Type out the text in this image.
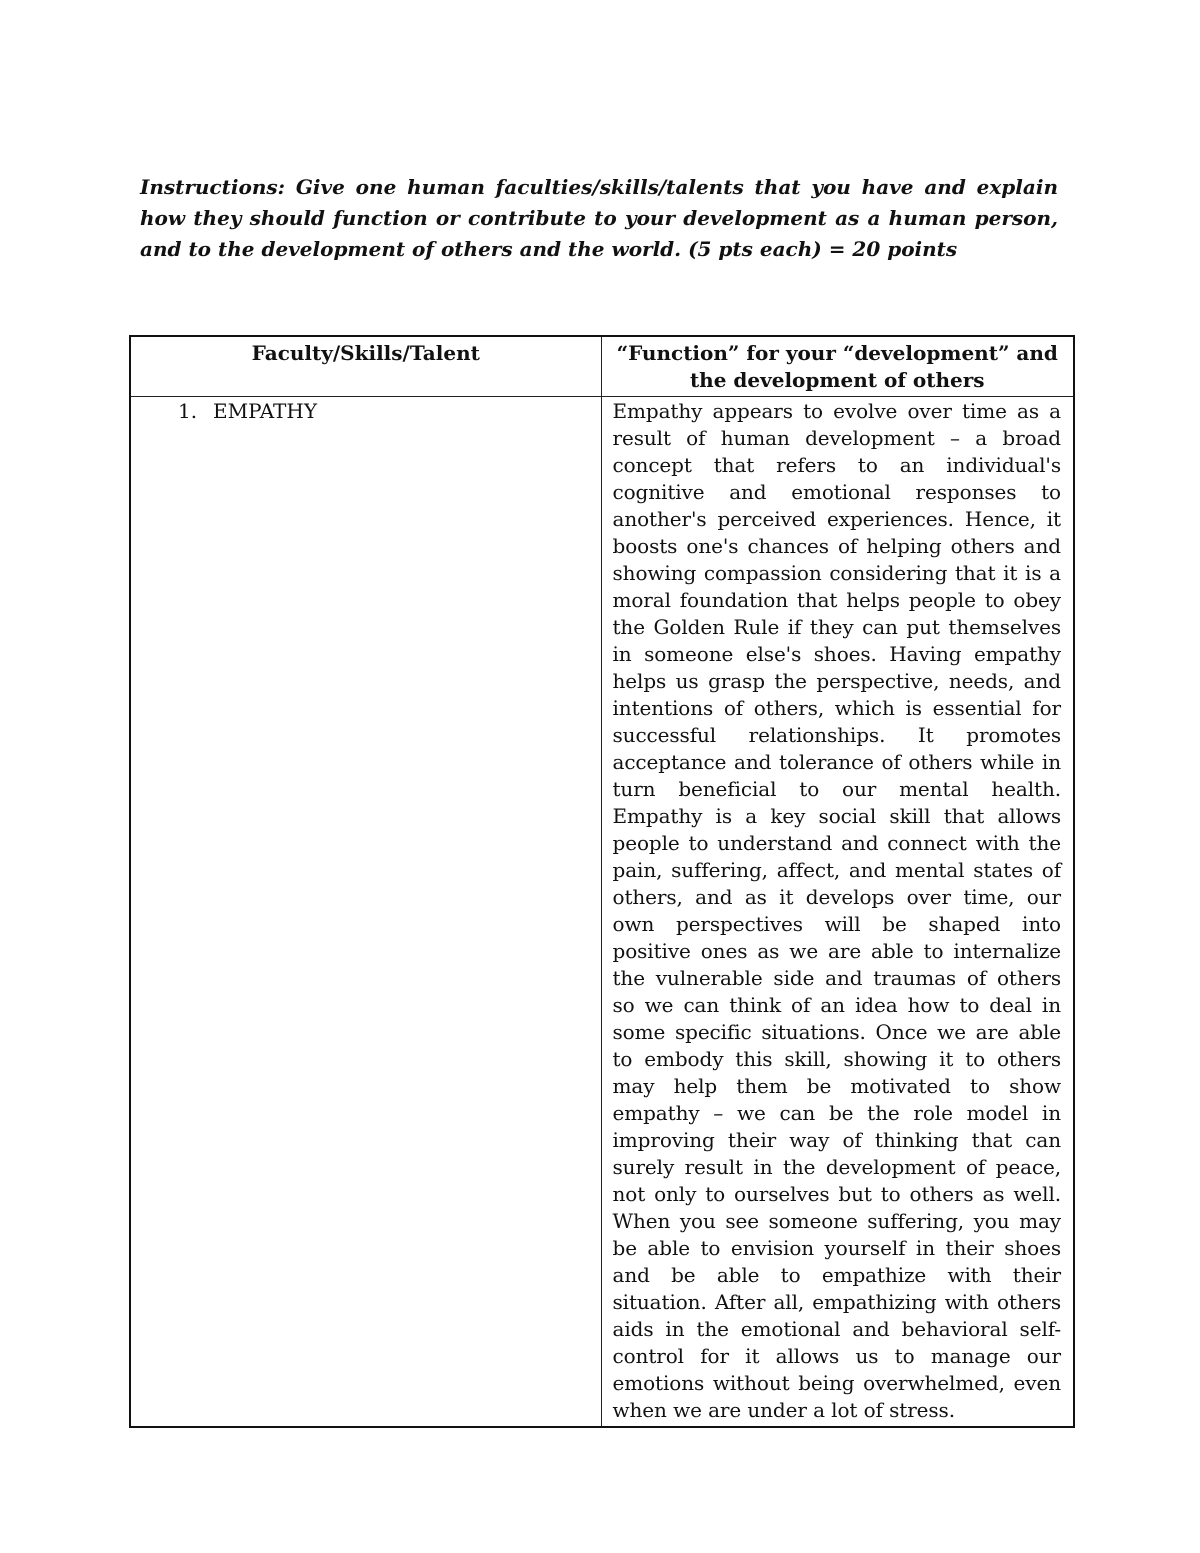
Instructions: Give one human faculties/skills/talents that you have and explain how they should function or contribute to your development as a human person, and to the development of others and the world. (5 pts each) = 20 points

Faculty/Skills/Talent	“Function” for your “development” and the development of others

1. EMPATHY	Empathy appears to evolve over time as a result of human development – a broad concept that refers to an individual's cognitive and emotional responses to another's perceived experiences. Hence, it boosts one's chances of helping others and showing compassion considering that it is a moral foundation that helps people to obey the Golden Rule if they can put themselves in someone else's shoes. Having empathy helps us grasp the perspective, needs, and intentions of others, which is essential for successful relationships. It promotes acceptance and tolerance of others while in turn beneficial to our mental health. Empathy is a key social skill that allows people to understand and connect with the pain, suffering, affect, and mental states of others, and as it develops over time, our own perspectives will be shaped into positive ones as we are able to internalize the vulnerable side and traumas of others so we can think of an idea how to deal in some specific situations. Once we are able to embody this skill, showing it to others may help them be motivated to show empathy – we can be the role model in improving their way of thinking that can surely result in the development of peace, not only to ourselves but to others as well. When you see someone suffering, you may be able to envision yourself in their shoes and be able to empathize with their situation. After all, empathizing with others aids in the emotional and behavioral self-control for it allows us to manage our emotions without being overwhelmed, even when we are under a lot of stress.
